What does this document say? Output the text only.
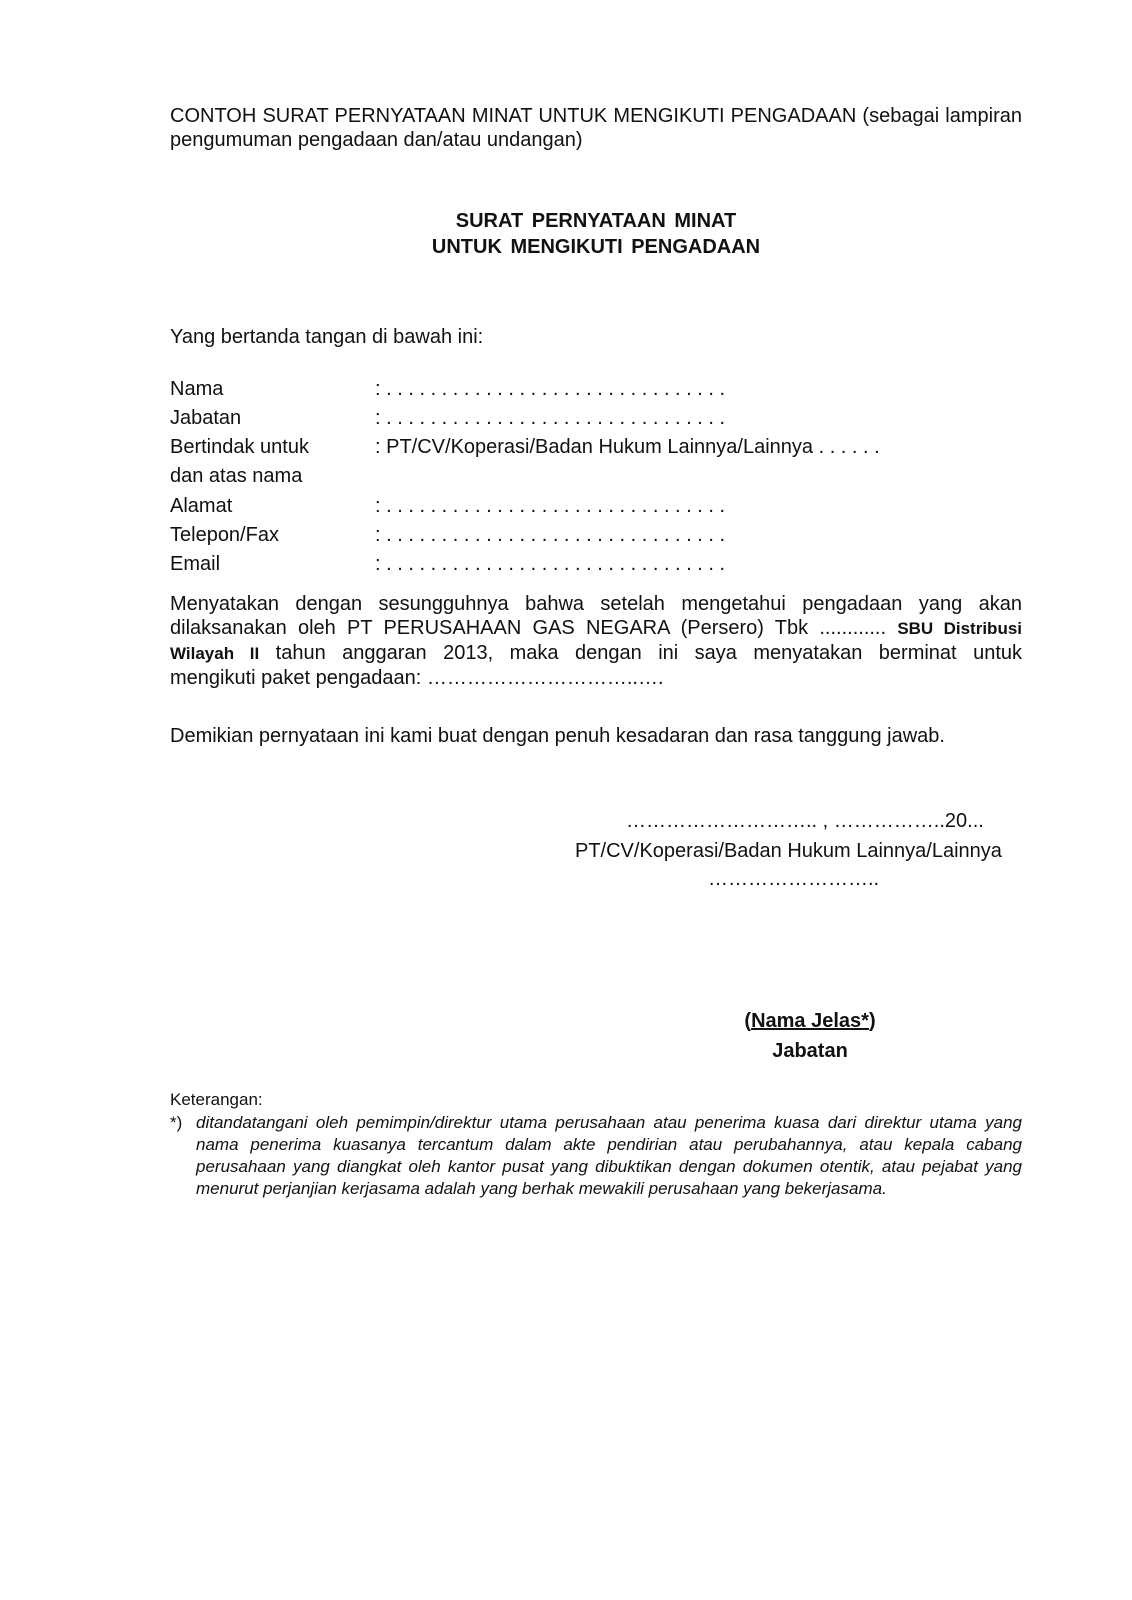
CONTOH SURAT PERNYATAAN MINAT UNTUK MENGIKUTI PENGADAAN (sebagai lampiran pengumuman pengadaan dan/atau undangan)
SURAT PERNYATAAN MINAT
UNTUK MENGIKUTI PENGADAAN
Yang bertanda tangan di bawah ini:
Nama	: . . . . . . . . . . . . . . . . . . . . . . . . . . . . . . .
Jabatan	: . . . . . . . . . . . . . . . . . . . . . . . . . . . . . . .
Bertindak untuk	: PT/CV/Koperasi/Badan Hukum Lainnya/Lainnya . . . . . .
dan atas nama
Alamat	: . . . . . . . . . . . . . . . . . . . . . . . . . . . . . . .
Telepon/Fax	: . . . . . . . . . . . . . . . . . . . . . . . . . . . . . . .
Email	: . . . . . . . . . . . . . . . . . . . . . . . . . . . . . . .

Menyatakan dengan sesungguhnya bahwa setelah mengetahui pengadaan yang akan

dilaksanakan oleh PT PERUSAHAAN GAS NEGARA (Persero) Tbk ............ SBU Distribusi

Wilayah II tahun anggaran 2013, maka dengan ini saya menyatakan berminat untuk

mengikuti paket pengadaan: …………………………..….

Demikian pernyataan ini kami buat dengan penuh kesadaran dan rasa tanggung jawab.
……………………….. , ……………..20...
PT/CV/Koperasi/Badan Hukum Lainnya/Lainnya
……………………..
(Nama Jelas*)
Jabatan
Keterangan:
*) ditandatangani oleh pemimpin/direktur utama perusahaan atau penerima kuasa dari direktur utama yang nama penerima kuasanya tercantum dalam akte pendirian atau perubahannya, atau kepala cabang perusahaan yang diangkat oleh kantor pusat yang dibuktikan dengan dokumen otentik, atau pejabat yang menurut perjanjian kerjasama adalah yang berhak mewakili perusahaan yang bekerjasama.
